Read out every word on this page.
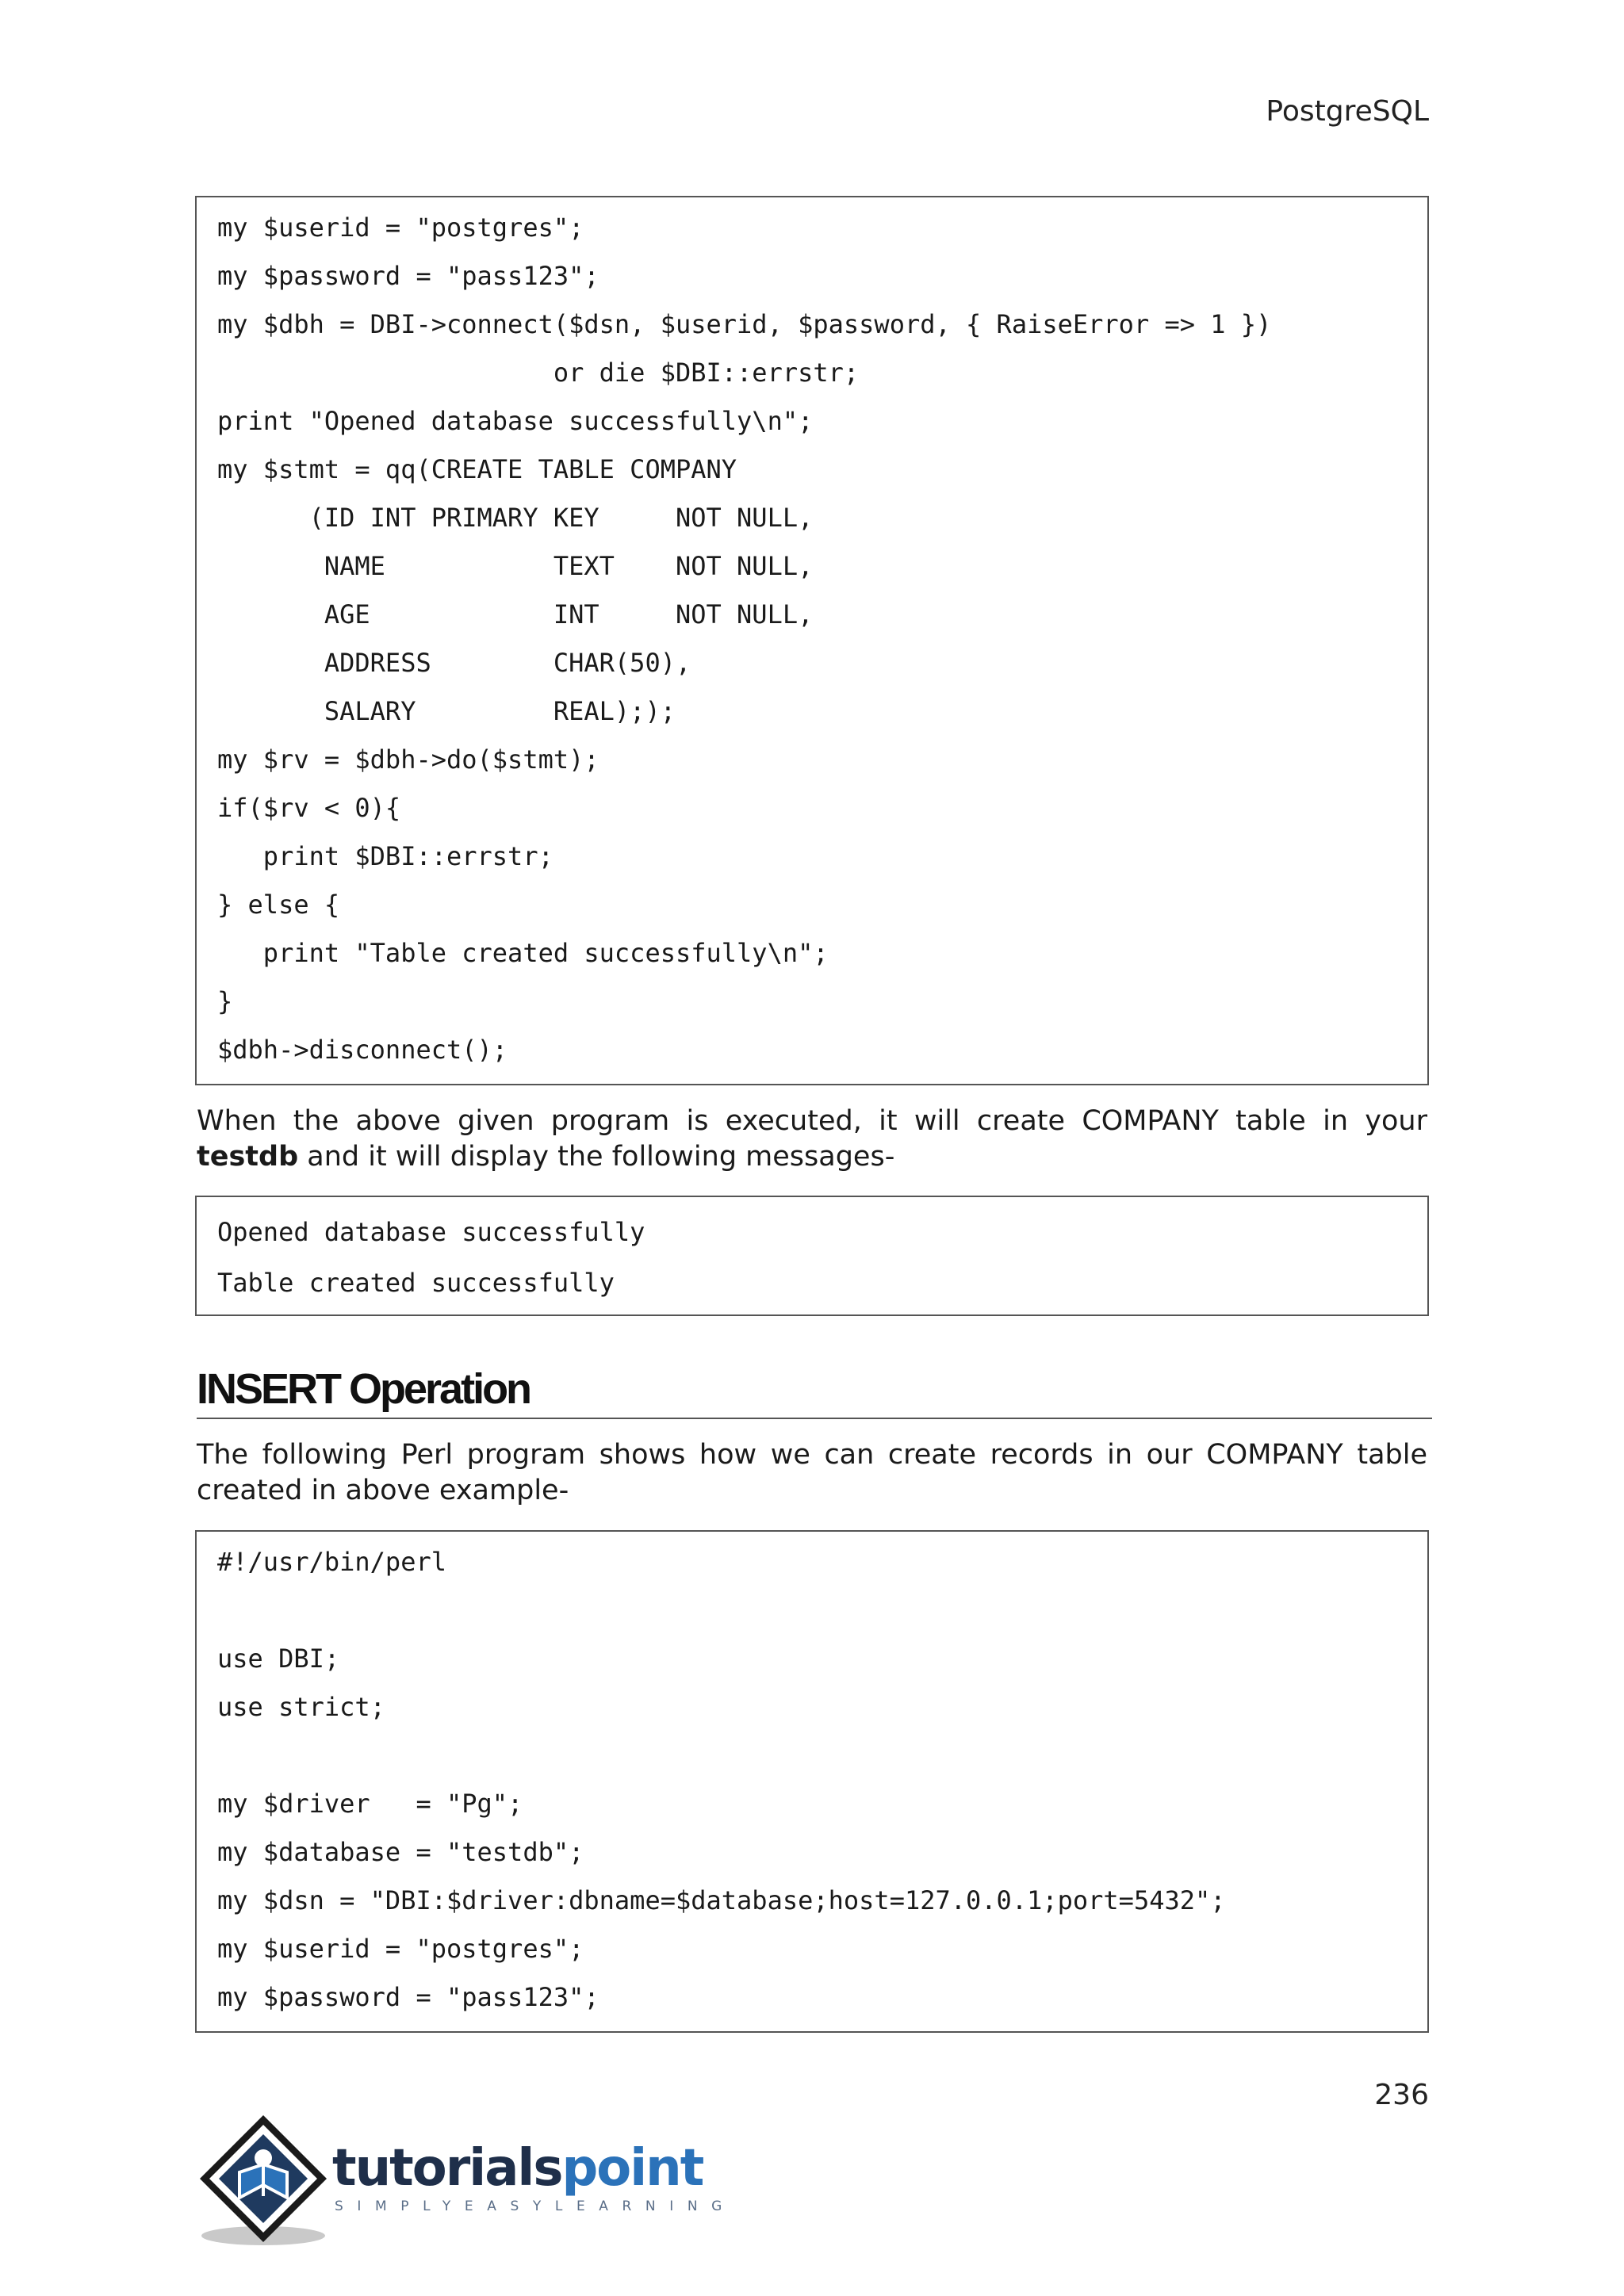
PostgreSQL
my $userid = "postgres";
my $password = "pass123";
my $dbh = DBI->connect($dsn, $userid, $password, { RaiseError => 1 })
or die $DBI::errstr;
print "Opened database successfully\n";
my $stmt = qq(CREATE TABLE COMPANY
(ID INT PRIMARY KEY     NOT NULL,
NAME           TEXT    NOT NULL,
AGE            INT     NOT NULL,
ADDRESS        CHAR(50),
SALARY         REAL););
my $rv = $dbh->do($stmt);
if($rv < 0){
print $DBI::errstr;
} else {
print "Table created successfully\n";
}
$dbh->disconnect();
When the above given program is executed, it will create COMPANY table in your testdb and it will display the following messages-
Opened database successfully
Table created successfully
INSERT Operation
The following Perl program shows how we can create records in our COMPANY table created in above example-
#!/usr/bin/perl
use DBI;
use strict;
my $driver   = "Pg";
my $database = "testdb";
my $dsn = "DBI:$driver:dbname=$database;host=127.0.0.1;port=5432";
my $userid = "postgres";
my $password = "pass123";
236
tutorialspoint
SIMPLYEASYLEARNING
